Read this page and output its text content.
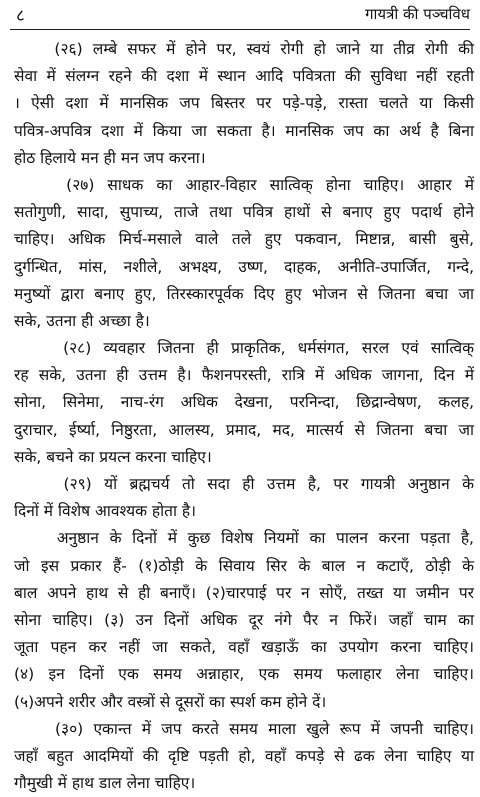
८	गायत्री की पञ्चविध
(२६) लम्बे सफर में होने पर, स्वयं रोगी हो जाने या तीव्र रोगी की
सेवा में संलग्न रहने की दशा में स्थान आदि पवित्रता की सुविधा नहीं रहती
। ऐसी दशा में मानसिक जप बिस्तर पर पड़े-पड़े, रास्ता चलते या किसी
पवित्र-अपवित्र दशा में किया जा सकता है। मानसिक जप का अर्थ है बिना
होठ हिलाये मन ही मन जप करना।
(२७) साधक का आहार-विहार सात्विक् होना चाहिए। आहार में
सतोगुणी, सादा, सुपाच्य, ताजे तथा पवित्र हाथों से बनाए हुए पदार्थ होने
चाहिए। अधिक मिर्च-मसाले वाले तले हुए पकवान, मिष्टान्न, बासी बुसे,
दुर्गन्धित, मांस, नशीले, अभक्ष्य, उष्ण, दाहक, अनीति-उपार्जित, गन्दे,
मनुष्यों द्वारा बनाए हुए, तिरस्कारपूर्वक दिए हुए भोजन से जितना बचा जा
सके, उतना ही अच्छा है।
(२८) व्यवहार जितना ही प्राकृतिक, धर्मसंगत, सरल एवं सात्विक्
रह सके, उतना ही उत्तम है। फैशनपरस्ती, रात्रि में अधिक जागना, दिन में
सोना, सिनेमा, नाच-रंग अधिक देखना, परनिन्दा, छिद्रान्वेषण, कलह,
दुराचार, ईर्ष्या, निष्ठुरता, आलस्य, प्रमाद, मद, मात्सर्य से जितना बचा जा
सके, बचने का प्रयत्न करना चाहिए।
(२९) यों ब्रह्मचर्य तो सदा ही उत्तम है, पर गायत्री अनुष्ठान के
दिनों में विशेष आवश्यक होता है।
अनुष्ठान के दिनों में कुछ विशेष नियमों का पालन करना पड़ता है,
जो इस प्रकार हैं- (१)ठोड़ी के सिवाय सिर के बाल न कटाएँ, ठोड़ी के
बाल अपने हाथ से ही बनाएँ। (२)चारपाई पर न सोएँ, तख्त या जमीन पर
सोना चाहिए। (३) उन दिनों अधिक दूर नंगे पैर न फिरें। जहाँ चाम का
जूता पहन कर नहीं जा सकते, वहाँ खड़ाऊँ का उपयोग करना चाहिए।
(४) इन दिनों एक समय अन्नाहार, एक समय फलाहार लेना चाहिए।
(५)अपने शरीर और वस्त्रों से दूसरों का स्पर्श कम होने दें।
(३०) एकान्त में जप करते समय माला खुले रूप में जपनी चाहिए।
जहाँ बहुत आदमियों की दृष्टि पड़ती हो, वहाँ कपड़े से ढक लेना चाहिए या
गौमुखी में हाथ डाल लेना चाहिए।
